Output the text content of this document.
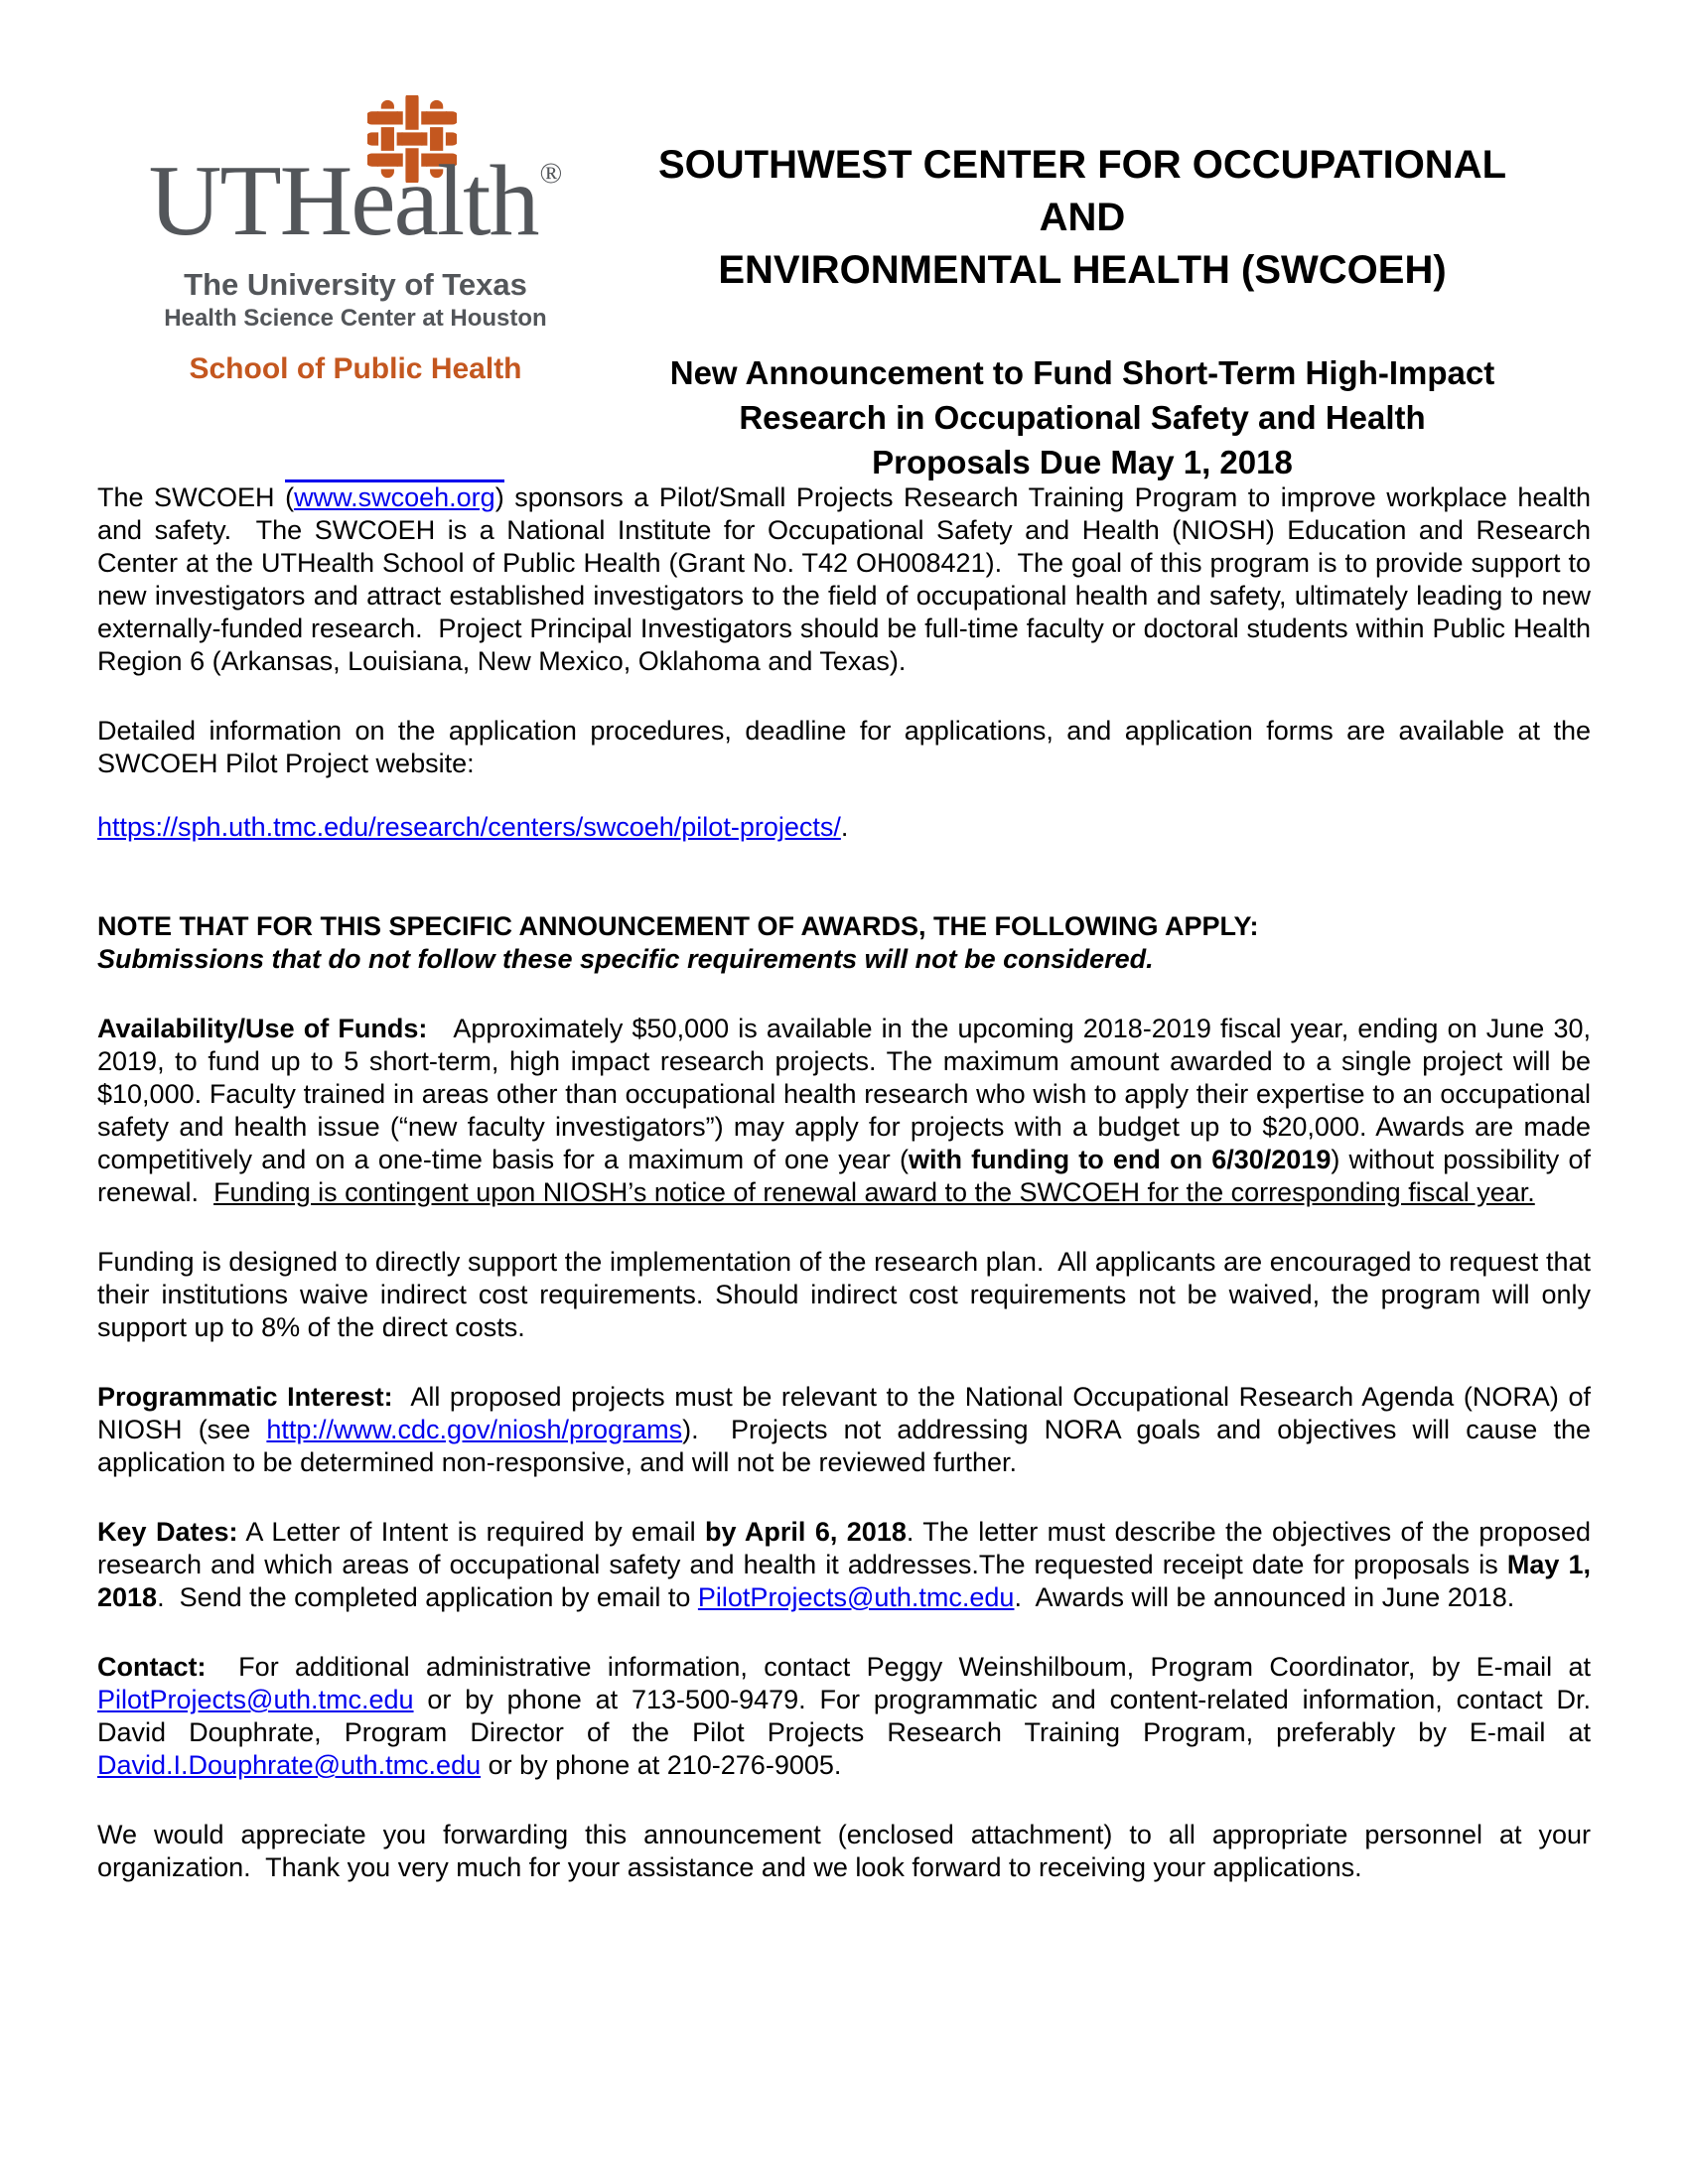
UTHealth®
The University of Texas
Health Science Center at Houston
School of Public Health
SOUTHWEST CENTER FOR OCCUPATIONAL AND
ENVIRONMENTAL HEALTH (SWCOEH)
New Announcement to Fund Short-Term High-Impact
Research in Occupational Safety and Health
Proposals Due May 1, 2018

The SWCOEH (www.swcoeh.org) sponsors a Pilot/Small Projects Research Training Program to improve workplace health and safety.  The SWCOEH is a National Institute for Occupational Safety and Health (NIOSH) Education and Research Center at the UTHealth School of Public Health (Grant No. T42 OH008421).  The goal of this program is to provide support to new investigators and attract established investigators to the field of occupational health and safety, ultimately leading to new externally-funded research.  Project Principal Investigators should be full-time faculty or doctoral students within Public Health Region 6 (Arkansas, Louisiana, New Mexico, Oklahoma and Texas).

Detailed information on the application procedures, deadline for applications, and application forms are available at the SWCOEH Pilot Project website:

https://sph.uth.tmc.edu/research/centers/swcoeh/pilot-projects/.

NOTE THAT FOR THIS SPECIFIC ANNOUNCEMENT OF AWARDS, THE FOLLOWING APPLY:

Submissions that do not follow these specific requirements will not be considered.

Availability/Use of Funds:   Approximately $50,000 is available in the upcoming 2018-2019 fiscal year, ending on June 30, 2019, to fund up to 5 short-term, high impact research projects. The maximum amount awarded to a single project will be $10,000. Faculty trained in areas other than occupational health research who wish to apply their expertise to an occupational safety and health issue (“new faculty investigators”) may apply for projects with a budget up to $20,000. Awards are made competitively and on a one-time basis for a maximum of one year (with funding to end on 6/30/2019) without possibility of renewal.  Funding is contingent upon NIOSH’s notice of renewal award to the SWCOEH for the corresponding fiscal year.

Funding is designed to directly support the implementation of the research plan.  All applicants are encouraged to request that their institutions waive indirect cost requirements. Should indirect cost requirements not be waived, the program will only support up to 8% of the direct costs.

Programmatic Interest:  All proposed projects must be relevant to the National Occupational Research Agenda (NORA) of NIOSH (see http://www.cdc.gov/niosh/programs).  Projects not addressing NORA goals and objectives will cause the application to be determined non-responsive, and will not be reviewed further.

Key Dates: A Letter of Intent is required by email by April 6, 2018. The letter must describe the objectives of the proposed research and which areas of occupational safety and health it addresses.The requested receipt date for proposals is May 1, 2018.  Send the completed application by email to PilotProjects@uth.tmc.edu.  Awards will be announced in June 2018.

Contact:  For additional administrative information, contact Peggy Weinshilboum, Program Coordinator, by E-mail at PilotProjects@uth.tmc.edu or by phone at 713-500-9479. For programmatic and content-related information, contact Dr. David Douphrate, Program Director of the Pilot Projects Research Training Program, preferably by E-mail at David.I.Douphrate@uth.tmc.edu or by phone at 210-276-9005.

We would appreciate you forwarding this announcement (enclosed attachment) to all appropriate personnel at your organization.  Thank you very much for your assistance and we look forward to receiving your applications.
